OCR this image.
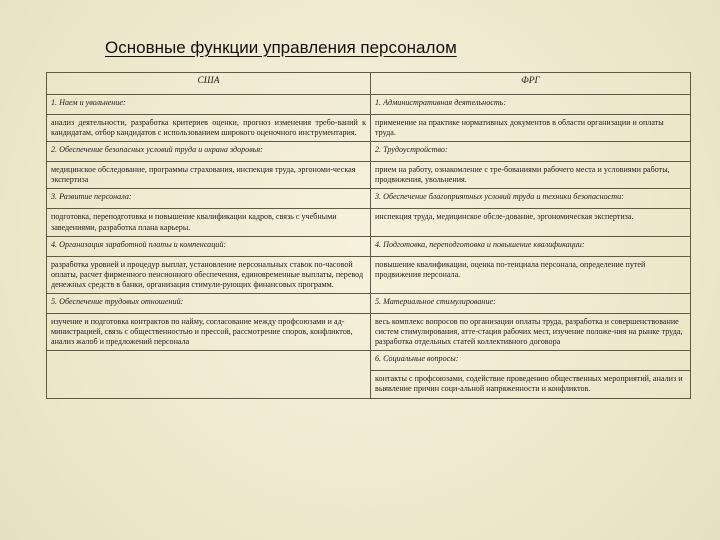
Основные функции управления персоналом
США	ФРГ
1. Наем и увольнение:	1. Административная деятельность:
анализ деятельности, разработка критериев оценки, прогноз изменения требо-ваний к кандидатам, отбор кандидатов с использованием широкого оценочного инструментария.	применение на практике нормативных документов в области организации и оплаты труда.
2. Обеспечение безопасных условий труда и охрана здоровья:	2. Трудоустройство:
медицинское обследование, программы страхования, инспекция труда, эргономи-ческая экспертиза	прием на работу, ознакомление с тре-бованиями рабочего места и условиями работы, продвижения, увольнения.
3. Развитие персонала:	3. Обеспечение благоприятных условий труда и техники безопасности:
подготовка, переподготовка и повышение квалификации кадров, связь с учебными заведениями, разработка плана карьеры.	инспекция труда, медицинское обсле-дование, эргономическая экспертиза.
4. Организация заработной платы и компенсаций:	4. Подготовка, переподготовка и повышение квалификации:
разработка уровней и процедур выплат, установление персональных ставок по-часовой оплаты, расчет фирменного пенсионного обеспечения, единовременные выплаты, перевод денежных средств в банки, организация стимули-рующих финансовых программ.	повышение квалификации, оценка по-тенциала персонала, определение путей продвижения персонала.
5. Обеспечение трудовых отношений:	5. Материальное стимулирование:
изучение и подготовка контрактов по найму, согласование между профсоюзами и ад-министрацией, связь с общественностью и прессой, рассмотрение споров, конфликтов, анализ жалоб и предложений персонала	весь комплекс вопросов по организации оплаты труда, разработка и совершенствование систем стимулирования, атте-стация рабочих мест, изучение положе-ния на рынке труда, разработка отдельных статей коллективного договора
	6. Социальные вопросы:
	контакты с профсоюзами, содействие проведению общественных мероприятий, анализ и выявление причин соци-альной напряженности и конфликтов.
